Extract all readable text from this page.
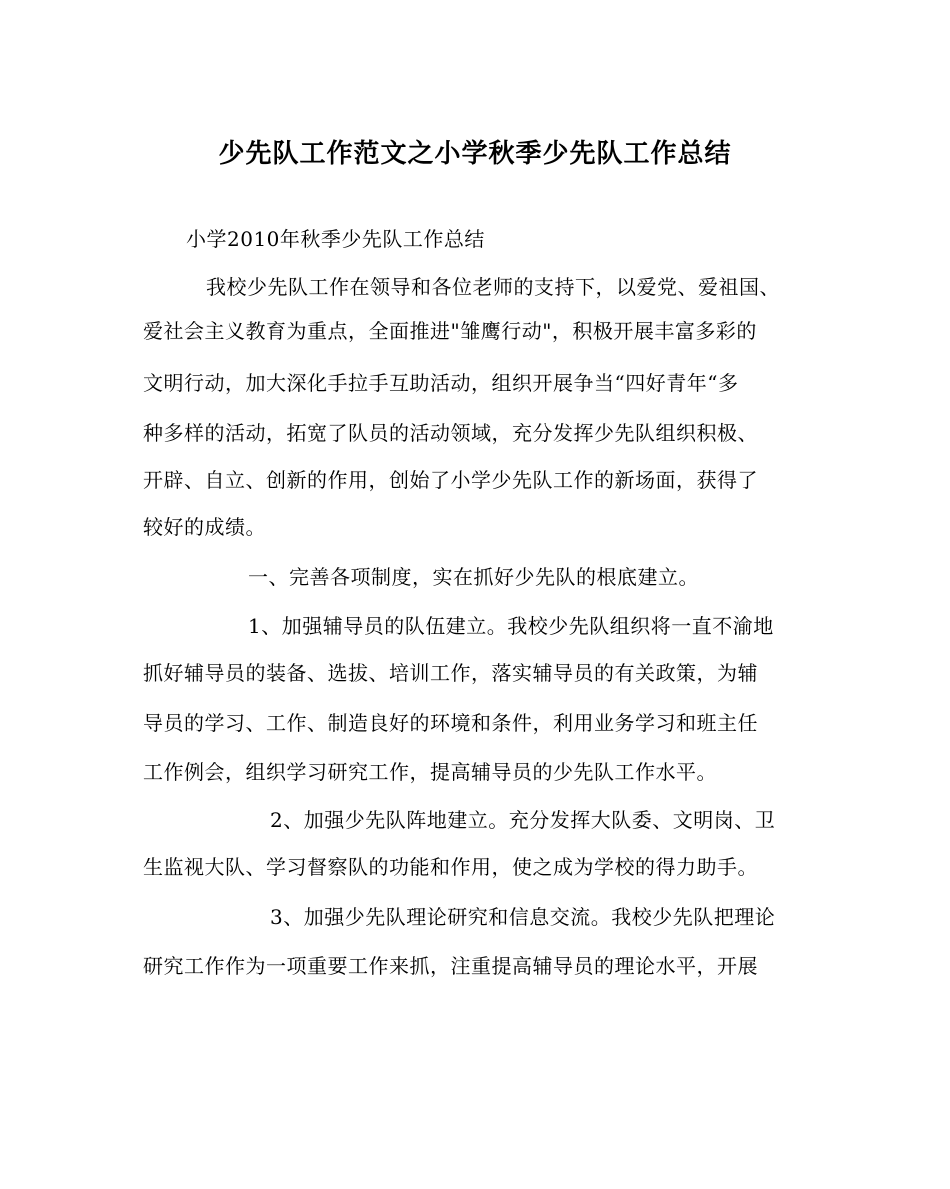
少先队工作范文之小学秋季少先队工作总结
小学2010年秋季少先队工作总结
我校少先队工作在领导和各位老师的支持下，以爱党、爱祖国、
爱社会主义教育为重点，全面推进"雏鹰行动"，积极开展丰富多彩的
文明行动，加大深化手拉手互助活动，组织开展争当“四好青年“多
种多样的活动，拓宽了队员的活动领域，充分发挥少先队组织积极、
开辟、自立、创新的作用，创始了小学少先队工作的新场面，获得了
较好的成绩。
一、完善各项制度，实在抓好少先队的根底建立。
1、加强辅导员的队伍建立。我校少先队组织将一直不渝地
抓好辅导员的装备、选拔、培训工作，落实辅导员的有关政策，为辅
导员的学习、工作、制造良好的环境和条件，利用业务学习和班主任
工作例会，组织学习研究工作，提高辅导员的少先队工作水平。
2、加强少先队阵地建立。充分发挥大队委、文明岗、卫
生监视大队、学习督察队的功能和作用，使之成为学校的得力助手。
3、加强少先队理论研究和信息交流。我校少先队把理论
研究工作作为一项重要工作来抓，注重提高辅导员的理论水平，开展
